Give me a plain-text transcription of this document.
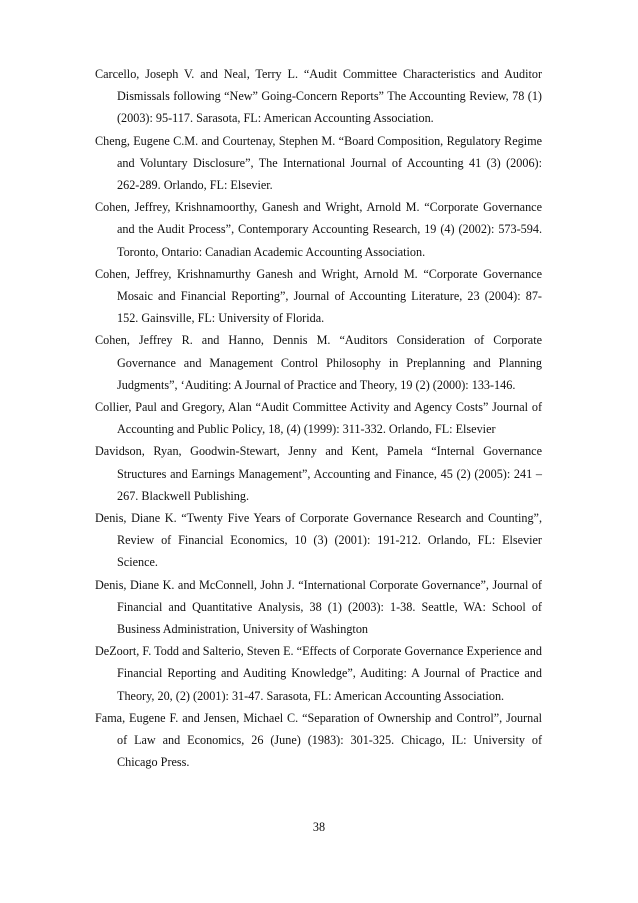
Carcello, Joseph V. and Neal, Terry L. “Audit Committee Characteristics and Auditor Dismissals following “New” Going-Concern Reports” The Accounting Review, 78 (1) (2003): 95-117. Sarasota, FL: American Accounting Association.

Cheng, Eugene C.M. and Courtenay, Stephen M. “Board Composition, Regulatory Regime and Voluntary Disclosure”, The International Journal of Accounting 41 (3) (2006): 262-289. Orlando, FL: Elsevier.

Cohen, Jeffrey, Krishnamoorthy, Ganesh and Wright, Arnold M. “Corporate Governance and the Audit Process”, Contemporary Accounting Research, 19 (4) (2002): 573-594. Toronto, Ontario: Canadian Academic Accounting Association.

Cohen, Jeffrey, Krishnamurthy Ganesh and Wright, Arnold M. “Corporate Governance Mosaic and Financial Reporting”, Journal of Accounting Literature, 23 (2004): 87-152. Gainsville, FL: University of Florida.

Cohen, Jeffrey R. and Hanno, Dennis M. “Auditors Consideration of Corporate Governance and Management Control Philosophy in Preplanning and Planning Judgments”, ‘Auditing: A Journal of Practice and Theory, 19 (2) (2000): 133-146.

Collier, Paul and Gregory, Alan “Audit Committee Activity and Agency Costs” Journal of Accounting and Public Policy, 18, (4) (1999): 311-332. Orlando, FL: Elsevier

Davidson, Ryan, Goodwin-Stewart, Jenny and Kent, Pamela “Internal Governance Structures and Earnings Management”, Accounting and Finance, 45 (2) (2005): 241 – 267. Blackwell Publishing.

Denis, Diane K. “Twenty Five Years of Corporate Governance Research and Counting”, Review of Financial Economics, 10 (3) (2001): 191-212. Orlando, FL: Elsevier Science.

Denis, Diane K. and McConnell, John J. “International Corporate Governance”, Journal of Financial and Quantitative Analysis, 38 (1) (2003): 1-38. Seattle, WA: School of Business Administration, University of Washington

DeZoort, F. Todd and Salterio, Steven E. “Effects of Corporate Governance Experience and Financial Reporting and Auditing Knowledge”, Auditing: A Journal of Practice and Theory, 20, (2) (2001): 31-47. Sarasota, FL: American Accounting Association.

Fama, Eugene F. and Jensen, Michael C. “Separation of Ownership and Control”, Journal of Law and Economics, 26 (June) (1983): 301-325. Chicago, IL: University of Chicago Press.

38
